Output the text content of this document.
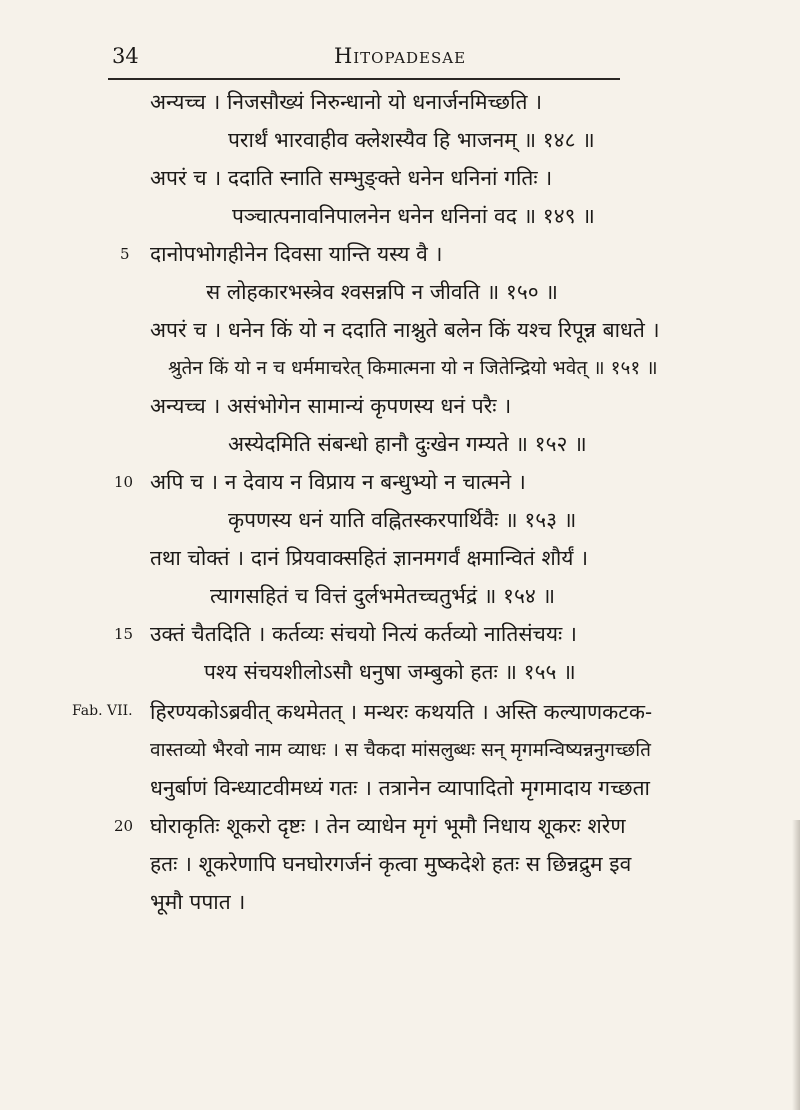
34	Hitopadesae
अन्यच्च । निजसौख्यं निरुन्धानो यो धनार्जनमिच्छति ।
परार्थं भारवाहीव क्लेशस्यैव हि भाजनम् ॥ १४८ ॥
अपरं च । ददाति स्नाति सम्भुङ्क्ते धनेन धनिनां गतिः ।
पञ्चात्पनावनिपालनेन धनेन धनिनां वद ॥ १४९ ॥
दानोपभोगहीनेन दिवसा यान्ति यस्य वै ।
स लोहकारभस्त्रेव श्वसन्नपि न जीवति ॥ १५० ॥
अपरं च । धनेन किं यो न ददाति नाश्नुते बलेन किं यश्च रिपून्न बाधते ।
श्रुतेन किं यो न च धर्ममाचरेत् किमात्मना यो न जितेन्द्रियो भवेत् ॥ १५१ ॥
अन्यच्च । असंभोगेन सामान्यं कृपणस्य धनं परैः ।
अस्येदमिति संबन्धो हानौ दुःखेन गम्यते ॥ १५२ ॥
अपि च । न देवाय न विप्राय न बन्धुभ्यो न चात्मने ।
कृपणस्य धनं याति वह्नितस्करपार्थिवैः ॥ १५३ ॥
तथा चोक्तं । दानं प्रियवाक्सहितं ज्ञानमगर्वं क्षमान्वितं शौर्यं ।
त्यागसहितं च वित्तं दुर्लभमेतच्चतुर्भद्रं ॥ १५४ ॥
उक्तं चैतदिति । कर्तव्यः संचयो नित्यं कर्तव्यो नातिसंचयः ।
पश्य संचयशीलोऽसौ धनुषा जम्बुको हतः ॥ १५५ ॥
हिरण्यकोऽब्रवीत् कथमेतत् । मन्थरः कथयति । अस्ति कल्याणकटक-
वास्तव्यो भैरवो नाम व्याधः । स चैकदा मांसलुब्धः सन् मृगमन्विष्यन्ननुगच्छति
धनुर्बाणं विन्ध्याटवीमध्यं गतः । तत्रानेन व्यापादितो मृगमादाय गच्छता
घोराकृतिः शूकरो दृष्टः । तेन व्याधेन मृगं भूमौ निधाय शूकरः शरेण
हतः । शूकरेणापि घनघोरगर्जनं कृत्वा मुष्कदेशे हतः स छिन्नद्रुम इव
भूमौ पपात ।
5
10
15
20
Fab. VII.
